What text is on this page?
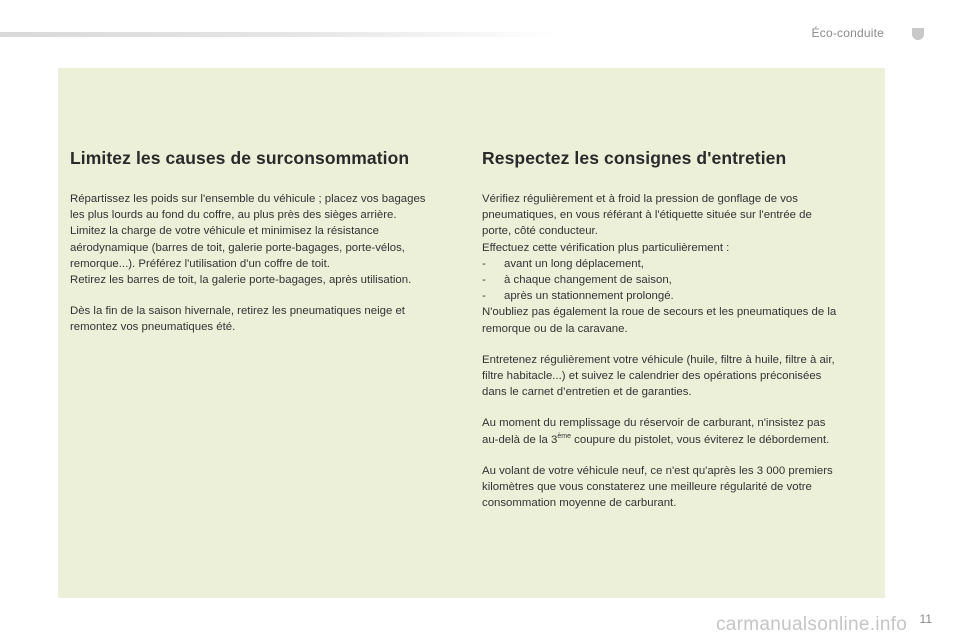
Éco-conduite
Limitez les causes de surconsommation

Répartissez les poids sur l'ensemble du véhicule ; placez vos bagages
les plus lourds au fond du coffre, au plus près des sièges arrière.
Limitez la charge de votre véhicule et minimisez la résistance
aérodynamique (barres de toit, galerie porte-bagages, porte-vélos,
remorque...). Préférez l'utilisation d'un coffre de toit.
Retirez les barres de toit, la galerie porte-bagages, après utilisation.

Dès la fin de la saison hivernale, retirez les pneumatiques neige et
remontez vos pneumatiques été.

Respectez les consignes d'entretien

Vérifiez régulièrement et à froid la pression de gonflage de vos
pneumatiques, en vous référant à l'étiquette située sur l'entrée de
porte, côté conducteur.
Effectuez cette vérification plus particulièrement :
- avant un long déplacement,
- à chaque changement de saison,
- après un stationnement prolongé.
N'oubliez pas également la roue de secours et les pneumatiques de la
remorque ou de la caravane.

Entretenez régulièrement votre véhicule (huile, filtre à huile, filtre à air,
filtre habitacle...) et suivez le calendrier des opérations préconisées
dans le carnet d’entretien et de garanties.

Au moment du remplissage du réservoir de carburant, n'insistez pas
au-delà de la 3ème coupure du pistolet, vous éviterez le débordement.

Au volant de votre véhicule neuf, ce n'est qu'après les 3 000 premiers
kilomètres que vous constaterez une meilleure régularité de votre
consommation moyenne de carburant.

11
carmanualsonline.info
